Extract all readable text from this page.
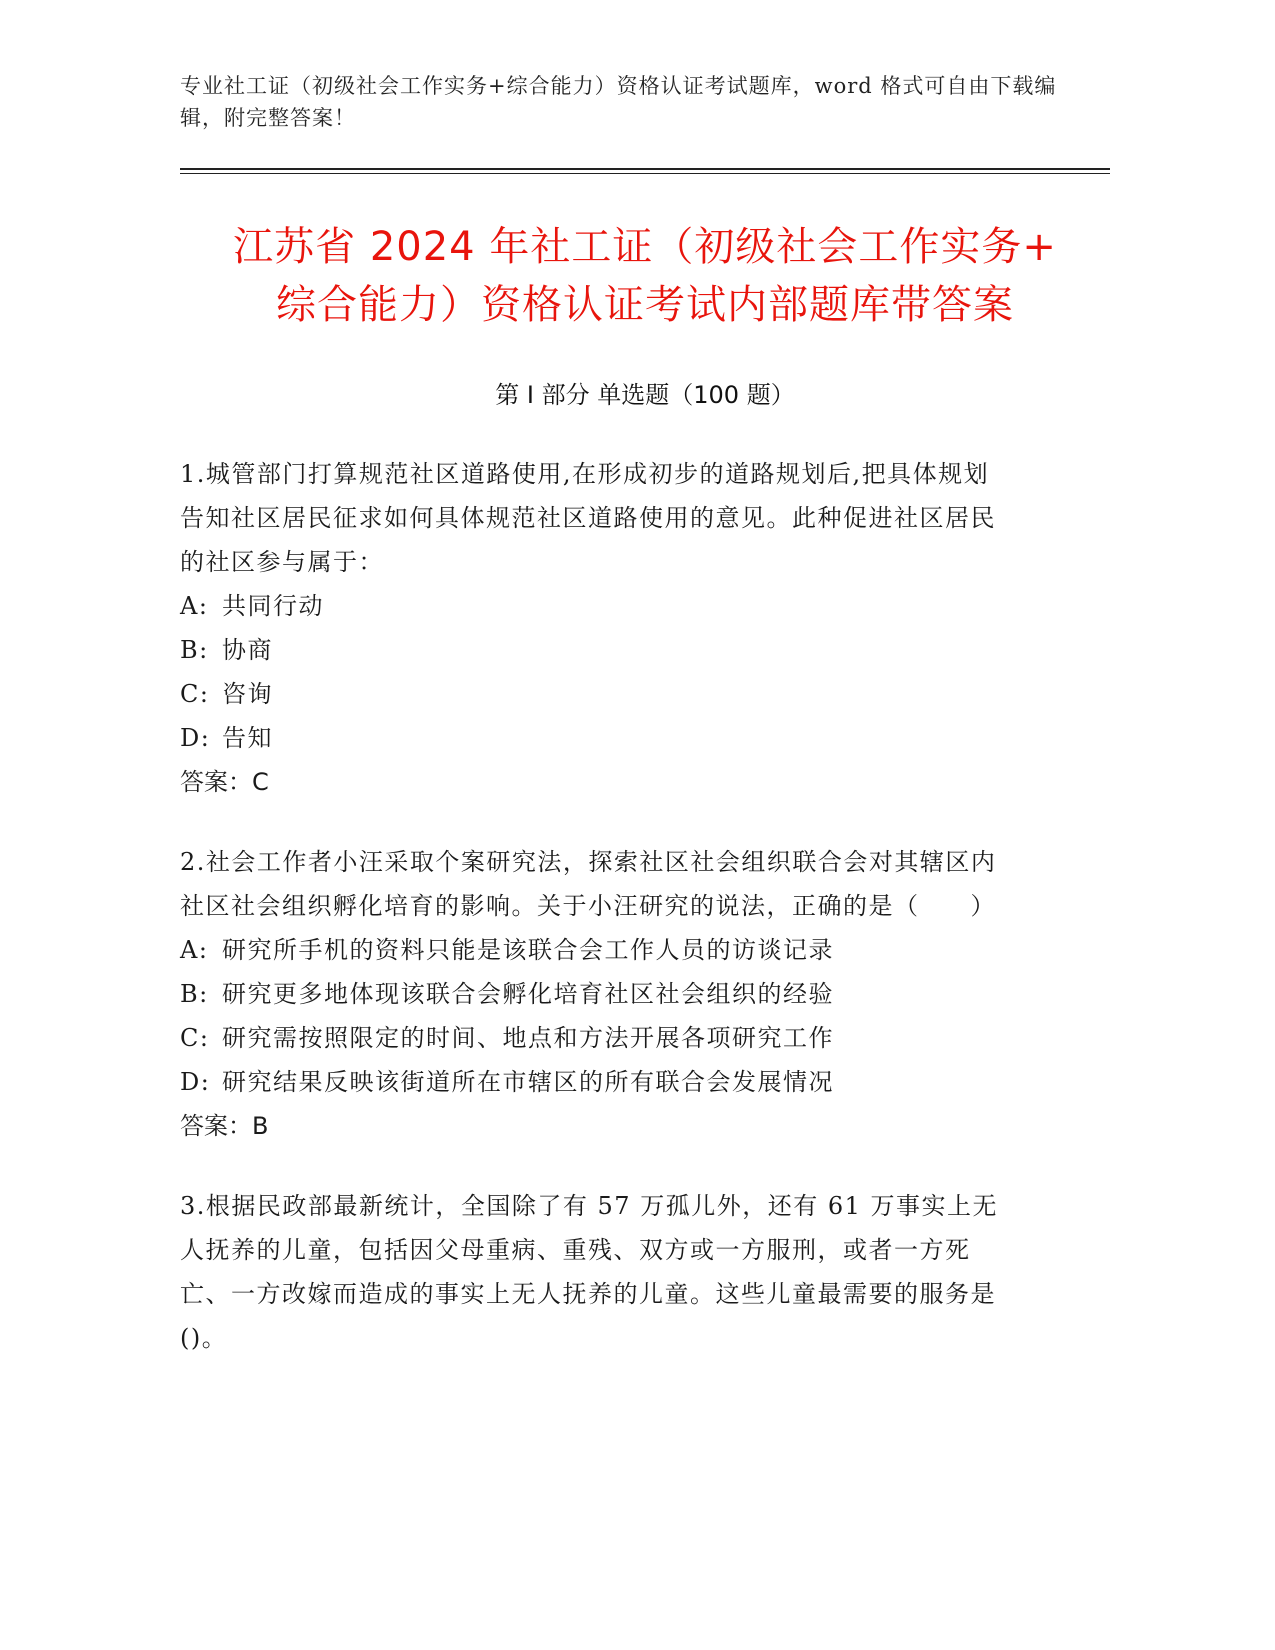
专业社工证（初级社会工作实务+综合能力）资格认证考试题库，word 格式可自由下载编辑，附完整答案！

江苏省 2024 年社工证（初级社会工作实务+
综合能力）资格认证考试内部题库带答案
第 I 部分 单选题（100 题）

1.城管部门打算规范社区道路使用,在形成初步的道路规划后,把具体规划告知社区居民征求如何具体规范社区道路使用的意见。此种促进社区居民的社区参与属于：

A: 共同行动

B: 协商

C: 咨询

D: 告知

答案：C

2.社会工作者小汪采取个案研究法，探索社区社会组织联合会对其辖区内社区社会组织孵化培育的影响。关于小汪研究的说法，正确的是（　　）

A: 研究所手机的资料只能是该联合会工作人员的访谈记录

B: 研究更多地体现该联合会孵化培育社区社会组织的经验

C: 研究需按照限定的时间、地点和方法开展各项研究工作

D: 研究结果反映该街道所在市辖区的所有联合会发展情况

答案：B

3.根据民政部最新统计，全国除了有 57 万孤儿外，还有 61 万事实上无人抚养的儿童，包括因父母重病、重残、双方或一方服刑，或者一方死亡、一方改嫁而造成的事实上无人抚养的儿童。这些儿童最需要的服务是()。
